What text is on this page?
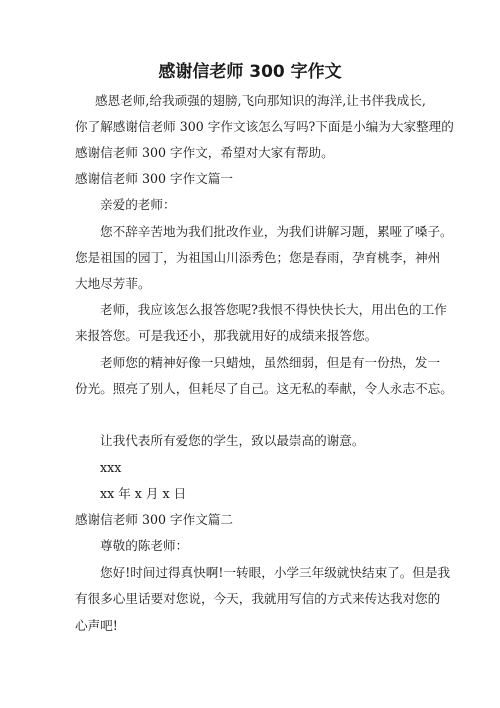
感谢信老师 300 字作文
感恩老师,给我顽强的翅膀,飞向那知识的海洋,让书伴我成长,
你了解感谢信老师 300 字作文该怎么写吗?下面是小编为大家整理的
感谢信老师 300 字作文，希望对大家有帮助。
感谢信老师 300 字作文篇一
亲爱的老师：
您不辞辛苦地为我们批改作业，为我们讲解习题，累哑了嗓子。
您是祖国的园丁，为祖国山川添秀色；您是春雨，孕育桃李，神州
大地尽芳菲。
老师，我应该怎么报答您呢?我恨不得快快长大，用出色的工作
来报答您。可是我还小，那我就用好的成绩来报答您。
老师您的精神好像一只蜡烛，虽然细弱，但是有一份热，发一
份光。照亮了别人，但耗尽了自己。这无私的奉献，令人永志不忘。
让我代表所有爱您的学生，致以最崇高的谢意。
xxx
xx 年 x 月 x 日
感谢信老师 300 字作文篇二
尊敬的陈老师：
您好!时间过得真快啊!一转眼，小学三年级就快结束了。但是我
有很多心里话要对您说，今天，我就用写信的方式来传达我对您的
心声吧!
